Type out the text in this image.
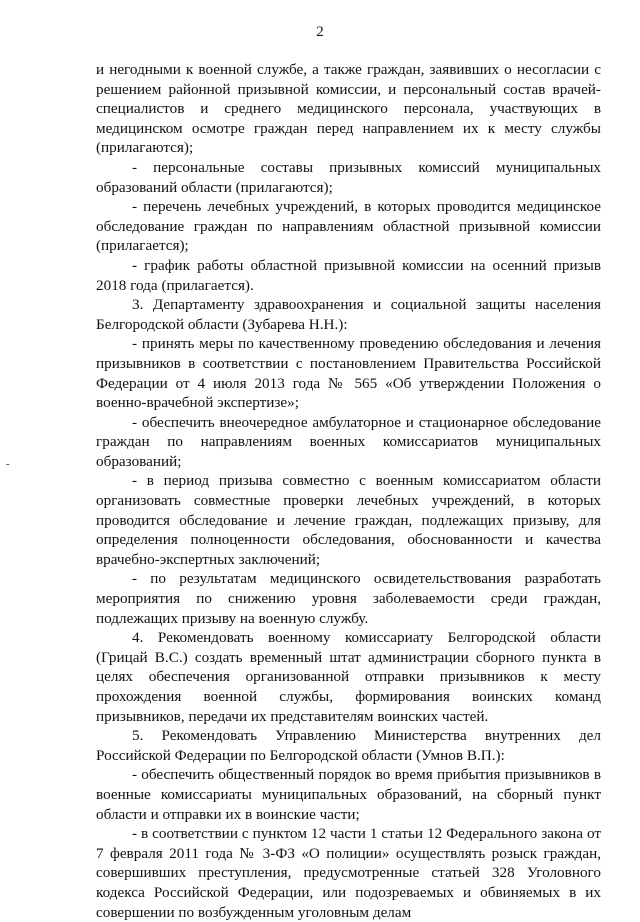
2
-

и негодными к военной службе, а также граждан, заявивших о несогласии с решением районной призывной комиссии, и персональный состав врачей-специалистов и среднего медицинского персонала, участвующих в медицинском осмотре граждан перед направлением их к месту службы (прилагаются);

- персональные составы призывных комиссий муниципальных образований области (прилагаются);

- перечень лечебных учреждений, в которых проводится медицинское обследование граждан по направлениям областной призывной комиссии (прилагается);

- график работы областной призывной комиссии на осенний призыв 2018 года (прилагается).

3. Департаменту здравоохранения и социальной защиты населения Белгородской области (Зубарева Н.Н.):

- принять меры по качественному проведению обследования и лечения призывников в соответствии с постановлением Правительства Российской Федерации от 4 июля 2013 года № 565 «Об утверждении Положения о военно-врачебной экспертизе»;

- обеспечить внеочередное амбулаторное и стационарное обследование граждан по направлениям военных комиссариатов муниципальных образований;

- в период призыва совместно с военным комиссариатом области организовать совместные проверки лечебных учреждений, в которых проводится обследование и лечение граждан, подлежащих призыву, для определения полноценности обследования, обоснованности и качества врачебно-экспертных заключений;

- по результатам медицинского освидетельствования разработать мероприятия по снижению уровня заболеваемости среди граждан, подлежащих призыву на военную службу.

4. Рекомендовать военному комиссариату Белгородской области (Грицай В.С.) создать временный штат администрации сборного пункта в целях обеспечения организованной отправки призывников к месту прохождения военной службы, формирования воинских команд призывников, передачи их представителям воинских частей.

5. Рекомендовать Управлению Министерства внутренних дел Российской Федерации по Белгородской области (Умнов В.П.):

- обеспечить общественный порядок во время прибытия призывников в военные комиссариаты муниципальных образований, на сборный пункт области и отправки их в воинские части;

- в соответствии с пунктом 12 части 1 статьи 12 Федерального закона от 7 февраля 2011 года № 3-ФЗ «О полиции» осуществлять розыск граждан, совершивших преступления, предусмотренные статьей 328 Уголовного кодекса Российской Федерации, или подозреваемых и обвиняемых в их совершении по возбужденным уголовным делам
